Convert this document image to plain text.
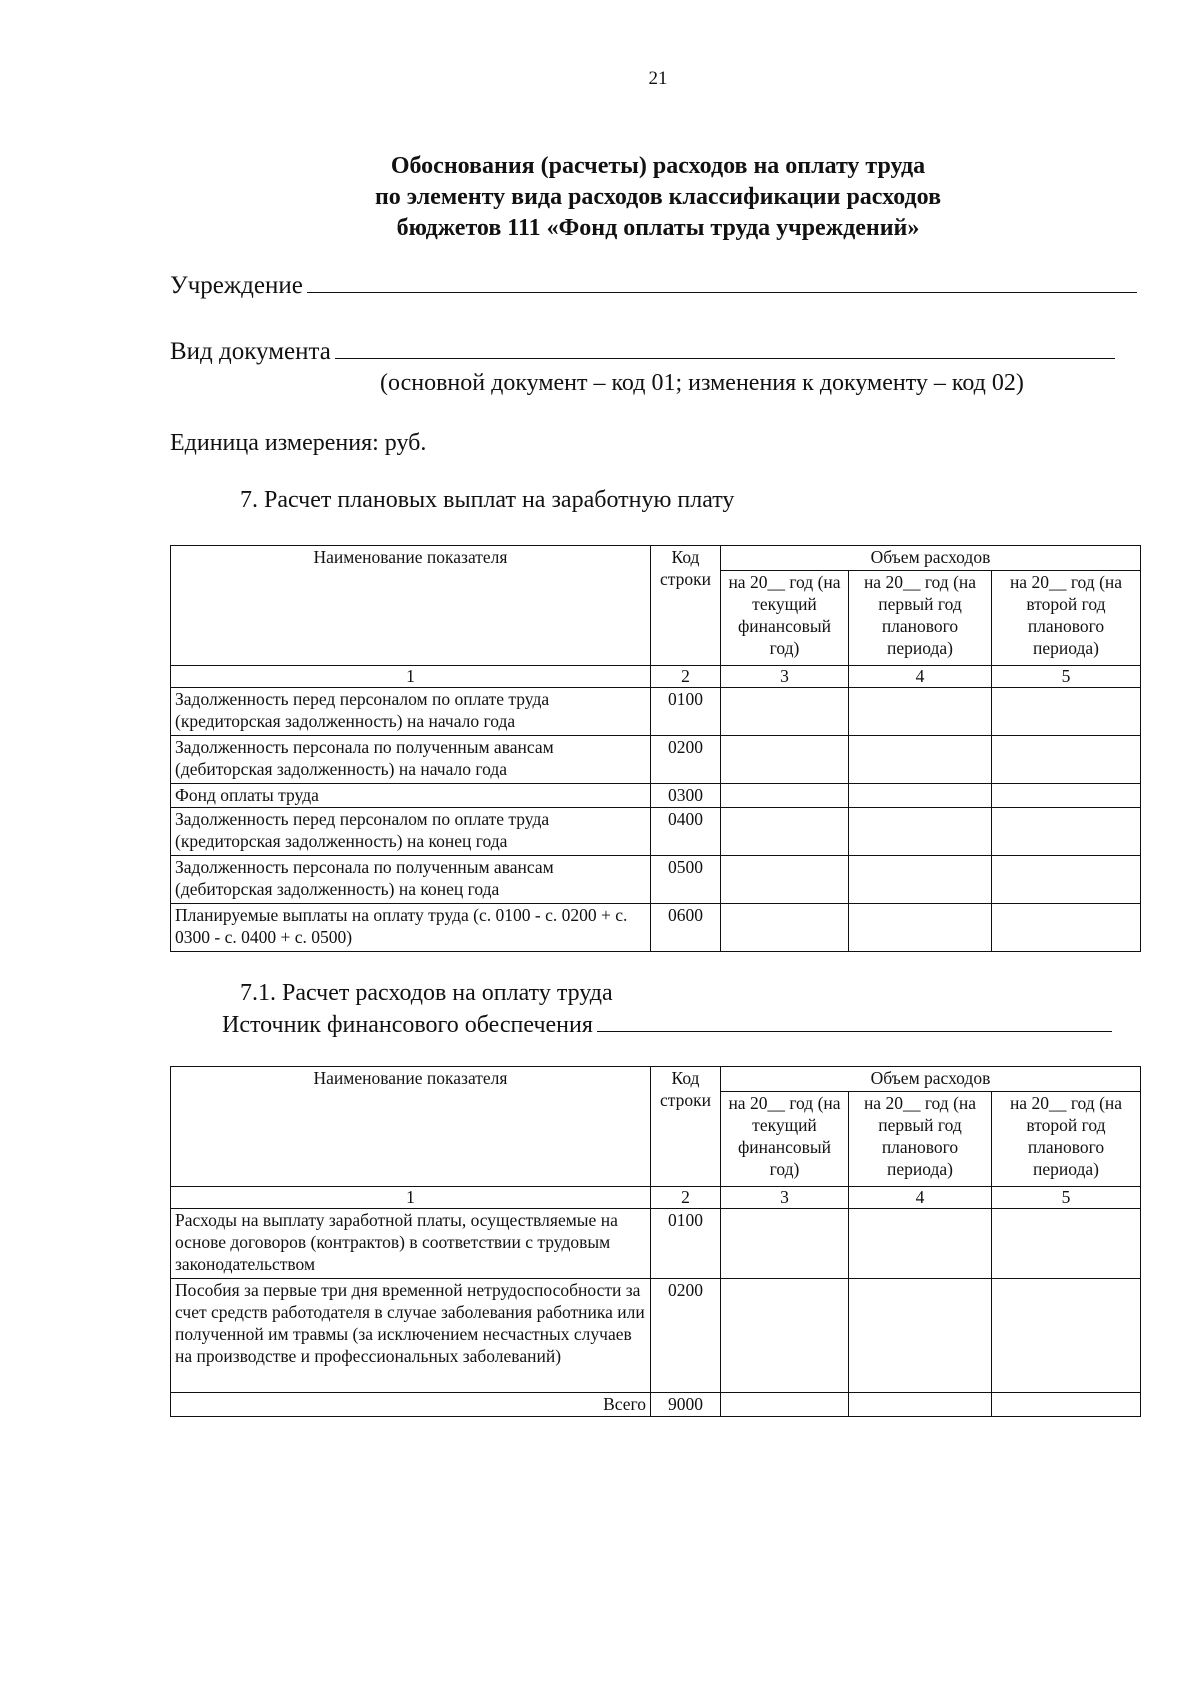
21
Обоснования (расчеты) расходов на оплату труда
по элементу вида расходов классификации расходов
бюджетов 111 «Фонд оплаты труда учреждений»
Учреждение
Вид документа
(основной документ – код 01; изменения к документу – код 02)
Единица измерения: руб.
7. Расчет плановых выплат на заработную плату
Наименование показателя	Код строки	Объем расходов		
		на 20__ год (на текущий финансовый год)	на 20__ год (на первый год планового периода)	на 20__ год (на второй год планового периода)
1	2	3	4	5
Задолженность перед персоналом по оплате труда (кредиторская задолженность) на начало года	0100			
Задолженность персонала по полученным авансам (дебиторская задолженность) на начало года	0200			
Фонд оплаты труда	0300			
Задолженность перед персоналом по оплате труда (кредиторская задолженность) на конец года	0400			
Задолженность персонала по полученным авансам (дебиторская задолженность) на конец года	0500			
Планируемые выплаты на оплату труда (с. 0100 - с. 0200 + с. 0300 - с. 0400 + с. 0500)	0600			
7.1. Расчет расходов на оплату труда
Источник финансового обеспечения
Наименование показателя	Код строки	Объем расходов		
		на 20__ год (на текущий финансовый год)	на 20__ год (на первый год планового периода)	на 20__ год (на второй год планового периода)
1	2	3	4	5
Расходы на выплату заработной платы, осуществляемые на основе договоров (контрактов) в соответствии с трудовым законодательством	0100			
Пособия за первые три дня временной нетрудоспособности за счет средств работодателя в случае заболевания работника или полученной им травмы (за исключением несчастных случаев на производстве и профессиональных заболеваний)	0200			
Всего	9000			
